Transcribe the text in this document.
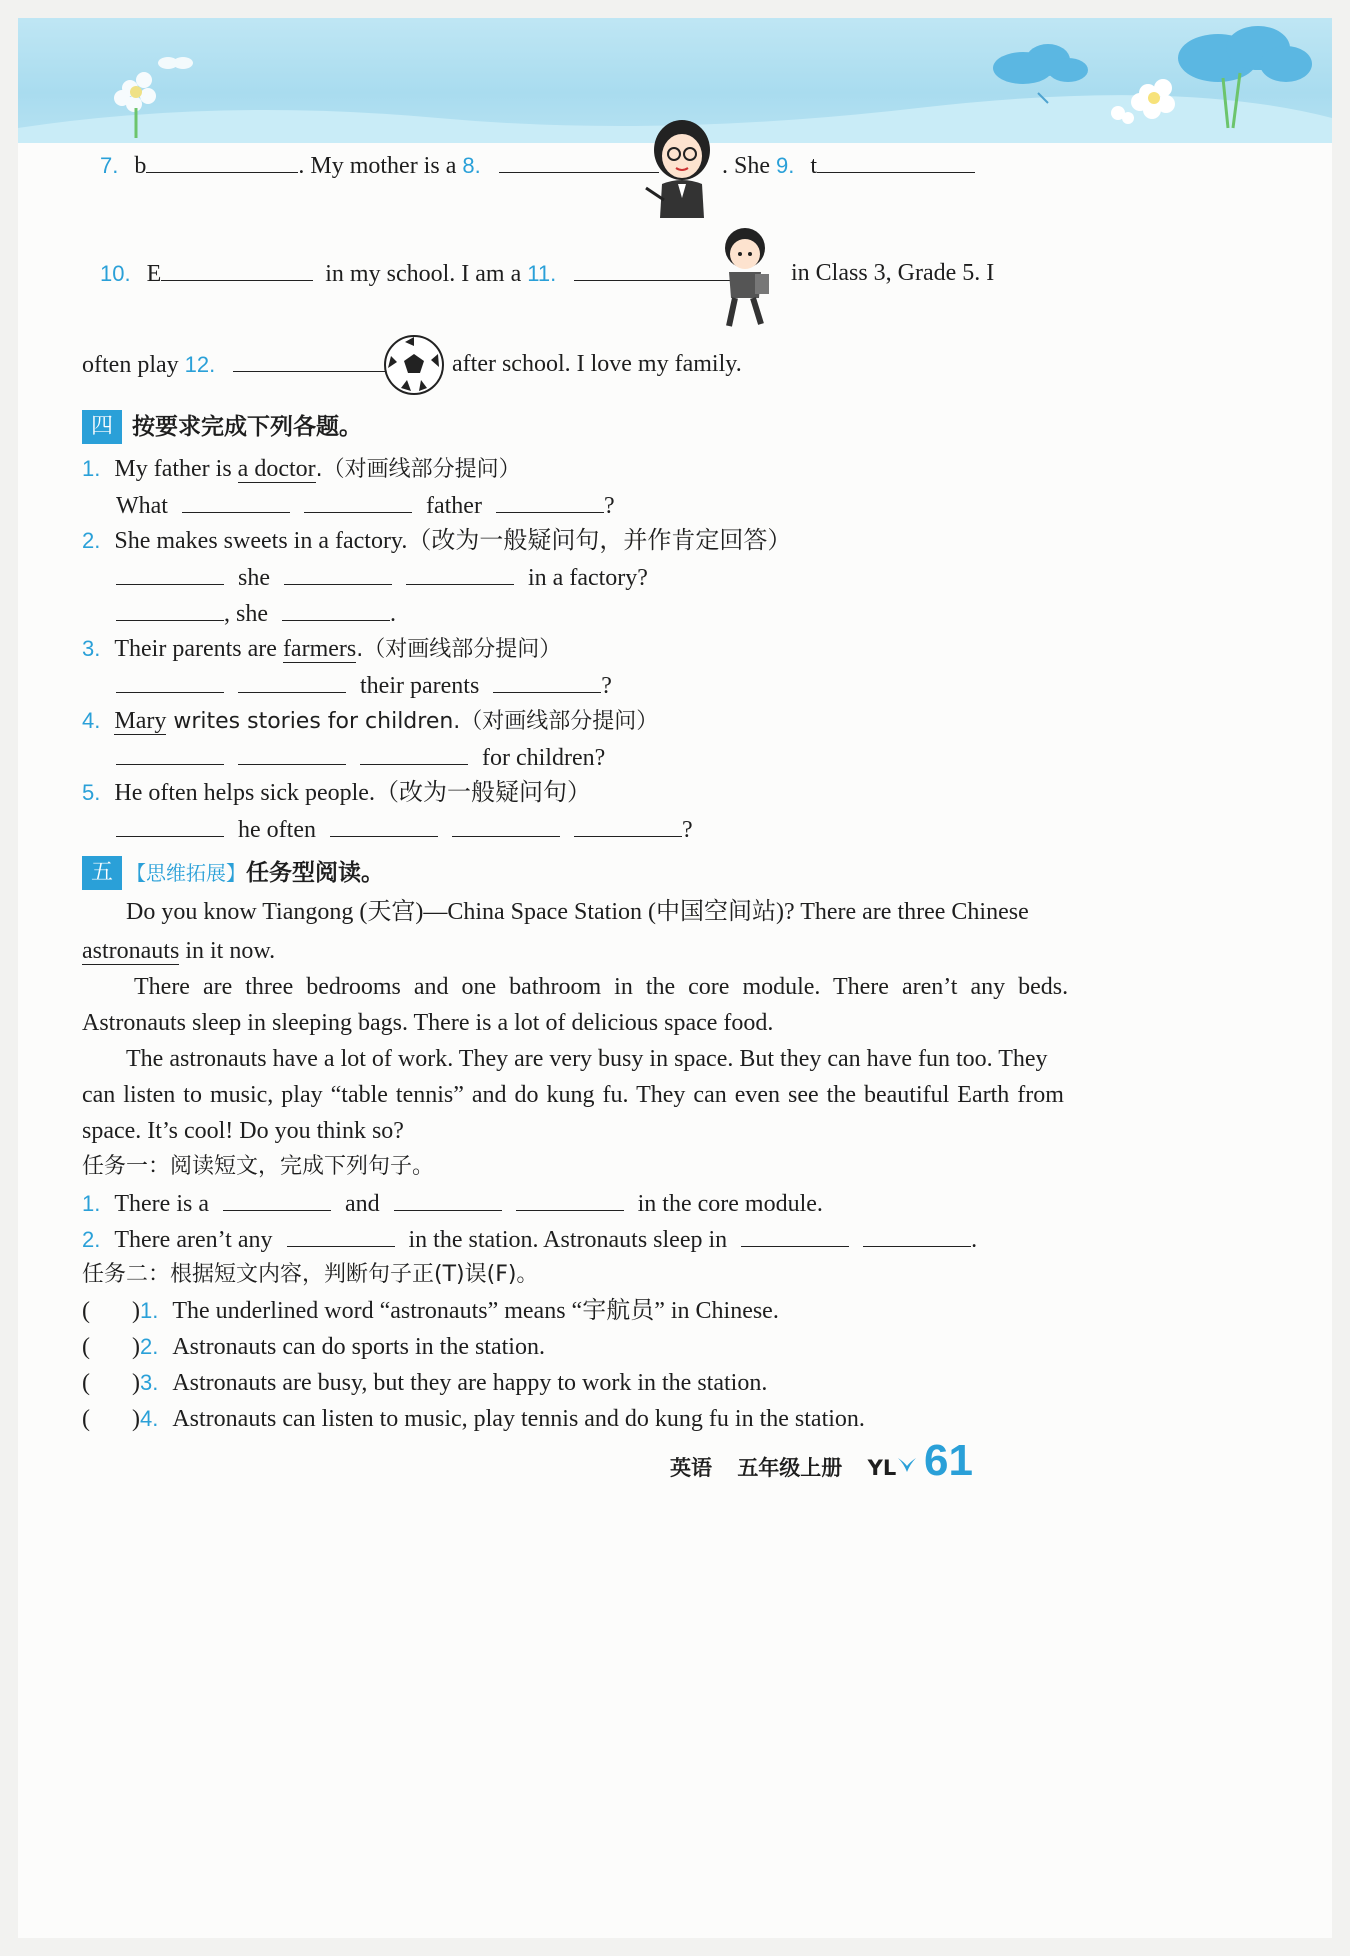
7. b	. My mother is a 8.	. She 9. t
10. E	in my school. I am a 11.	in Class 3, Grade 5. I
often play 12.	after school. I love my family.
四 按要求完成下列各题。
1. My father is a doctor.（对画线部分提问）
What	father	?
2. She makes sweets in a factory.（改为一般疑问句，并作肯定回答）
she	in a factory?
, she	.
3. Their parents are farmers.（对画线部分提问）
their parents	?
4. Mary writes stories for children.（对画线部分提问）
for children?
5. He often helps sick people.（改为一般疑问句）
he often	?
五 【思维拓展】任务型阅读。
Do you know Tiangong (天宫)—China Space Station (中国空间站)? There are three Chinese

astronauts in it now.
There are three bedrooms and one bathroom in the core module. There aren’t any beds.
Astronauts sleep in sleeping bags. There is a lot of delicious space food.
The astronauts have a lot of work. They are very busy in space. But they can have fun too. They
can listen to music, play “table tennis” and do kung fu. They can even see the beautiful Earth from
space. It’s cool! Do you think so?
任务一：阅读短文，完成下列句子。
1. There is a	and	in the core module.
2. There aren’t any	in the station. Astronauts sleep in	.
任务二：根据短文内容，判断句子正(T)误(F)。
(       )1. The underlined word “astronauts” means “宇航员” in Chinese.
(       )2. Astronauts can do sports in the station.
(       )3. Astronauts are busy, but they are happy to work in the station.
(       )4. Astronauts can listen to music, play tennis and do kung fu in the station.
英语 五年级上册 YL 61
